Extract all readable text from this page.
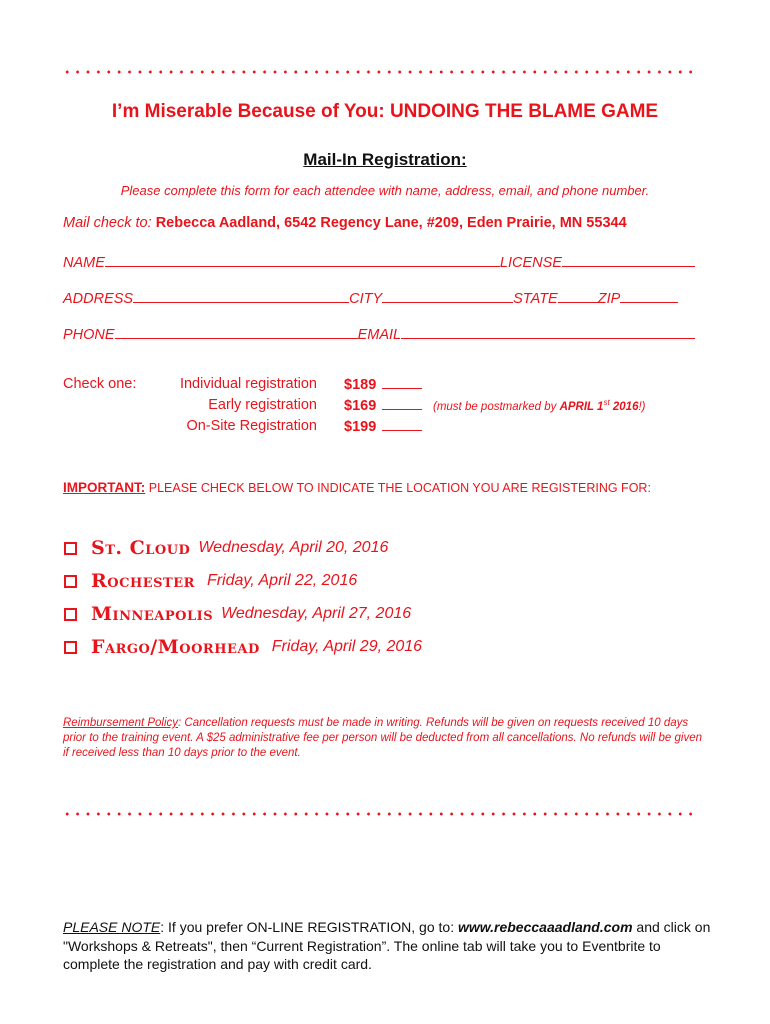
I’m Miserable Because of You: UNDOING THE BLAME GAME
Mail-In Registration:
Please complete this form for each attendee with name, address, email, and phone number.
Mail check to: Rebecca Aadland, 6542 Regency Lane, #209, Eden Prairie, MN 55344
NAME	LICENSE
ADDRESS	CITY	STATE	ZIP
PHONE	EMAIL
Check one:	Individual registration $189
Early registration $169	(must be postmarked by APRIL 1st 2016!)
On-Site Registration $199
IMPORTANT: PLEASE CHECK BELOW TO INDICATE THE LOCATION YOU ARE REGISTERING FOR:
St. Cloud Wednesday, April 20, 2016
Rochester Friday, April 22, 2016
Minneapolis Wednesday, April 27, 2016
Fargo/Moorhead Friday, April 29, 2016
Reimbursement Policy: Cancellation requests must be made in writing. Refunds will be given on requests received 10 days prior to the training event. A $25 administrative fee per person will be deducted from all cancellations. No refunds will be given if received less than 10 days prior to the event.
PLEASE NOTE: If you prefer ON-LINE REGISTRATION, go to: www.rebeccaaadland.com and click on "Workshops & Retreats", then “Current Registration”. The online tab will take you to Eventbrite to complete the registration and pay with credit card.
